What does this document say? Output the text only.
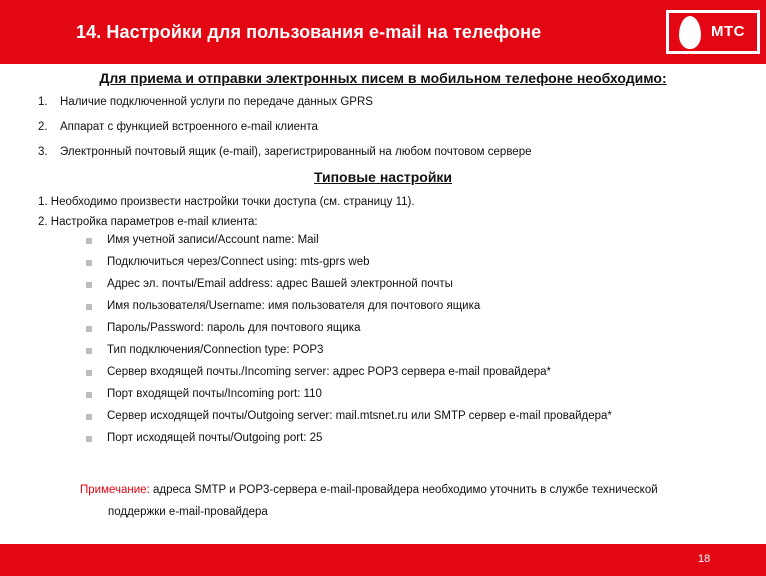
14. Настройки для пользования e-mail на телефоне	МТС
Для приема и отправки электронных писем в мобильном телефоне необходимо:
1. Наличие подключенной услуги по передаче данных GPRS
2. Аппарат с функцией встроенного e-mail клиента
3. Электронный почтовый ящик (e-mail), зарегистрированный на любом почтовом сервере
Типовые настройки
1. Необходимо произвести настройки точки доступа (см. страницу 11).
2. Настройка параметров e-mail клиента:
Имя учетной записи/Account name: Mail
Подключиться через/Connect using: mts-gprs web
Адрес эл. почты/Email address: адрес Вашей электронной почты
Имя пользователя/Username: имя пользователя для почтового ящика
Пароль/Password: пароль для почтового ящика
Тип подключения/Connection type: POP3
Сервер входящей почты./Incoming server: адрес POP3 сервера e-mail провайдера*
Порт входящей почты/Incoming port: 110
Сервер исходящей почты/Outgoing server: mail.mtsnet.ru или SMTP сервер e-mail провайдера*
Порт исходящей почты/Outgoing port: 25
Примечание: адреса SMTP и POP3-сервера e-mail-провайдера необходимо уточнить в службе технической
поддержки e-mail-провайдера
18
